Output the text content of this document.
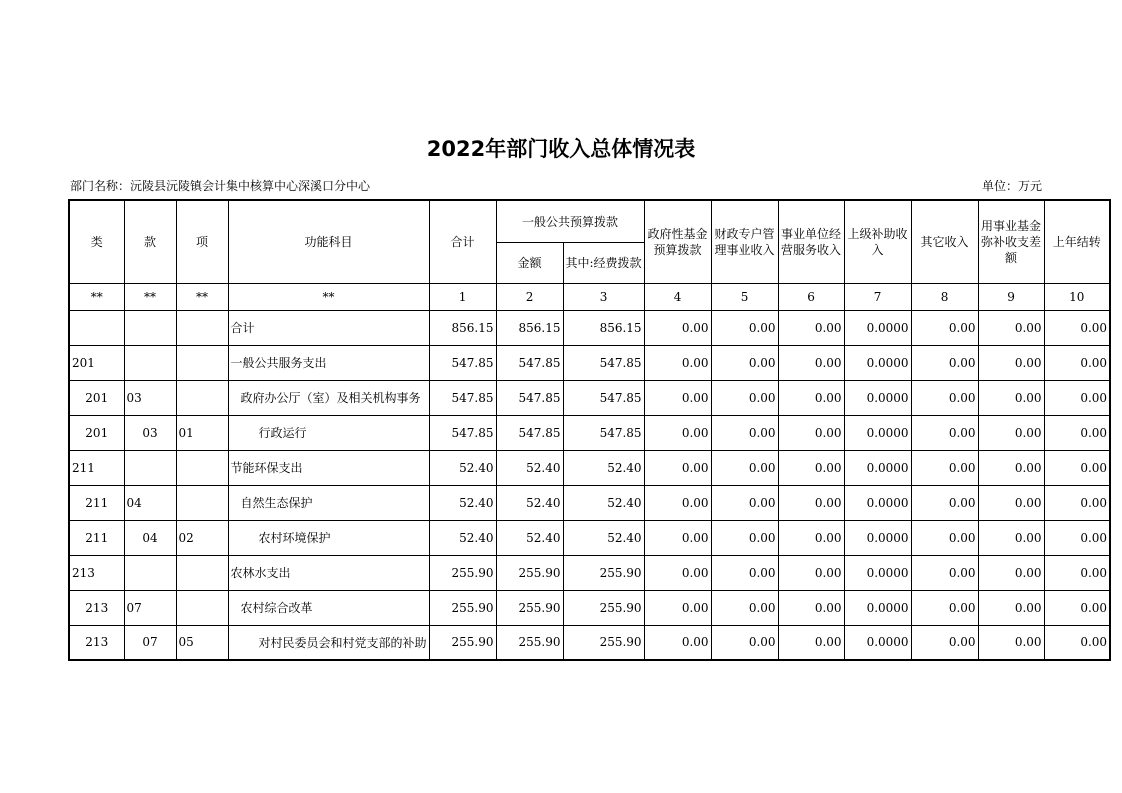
2022年部门收入总体情况表
部门名称：沅陵县沅陵镇会计集中核算中心深溪口分中心	单位：万元
类	款	项	功能科目	合计	一般公共预算拨款		政府性基金预算拨款	财政专户管理事业收入	事业单位经营服务收入	上级补助收入	其它收入	用事业基金弥补收支差额	上年结转
					金额	其中:经费拨款							
**	**	**	**	1	2	3	4	5	6	7	8	9	10
			合计	856.15	856.15	856.15	0.00	0.00	0.00	0.0000	0.00	0.00	0.00
201			一般公共服务支出	547.85	547.85	547.85	0.00	0.00	0.00	0.0000	0.00	0.00	0.00
201	03		政府办公厅（室）及相关机构事务	547.85	547.85	547.85	0.00	0.00	0.00	0.0000	0.00	0.00	0.00
201	03	01	行政运行	547.85	547.85	547.85	0.00	0.00	0.00	0.0000	0.00	0.00	0.00
211			节能环保支出	52.40	52.40	52.40	0.00	0.00	0.00	0.0000	0.00	0.00	0.00
211	04		自然生态保护	52.40	52.40	52.40	0.00	0.00	0.00	0.0000	0.00	0.00	0.00
211	04	02	农村环境保护	52.40	52.40	52.40	0.00	0.00	0.00	0.0000	0.00	0.00	0.00
213			农林水支出	255.90	255.90	255.90	0.00	0.00	0.00	0.0000	0.00	0.00	0.00
213	07		农村综合改革	255.90	255.90	255.90	0.00	0.00	0.00	0.0000	0.00	0.00	0.00
213	07	05	对村民委员会和村党支部的补助	255.90	255.90	255.90	0.00	0.00	0.00	0.0000	0.00	0.00	0.00
